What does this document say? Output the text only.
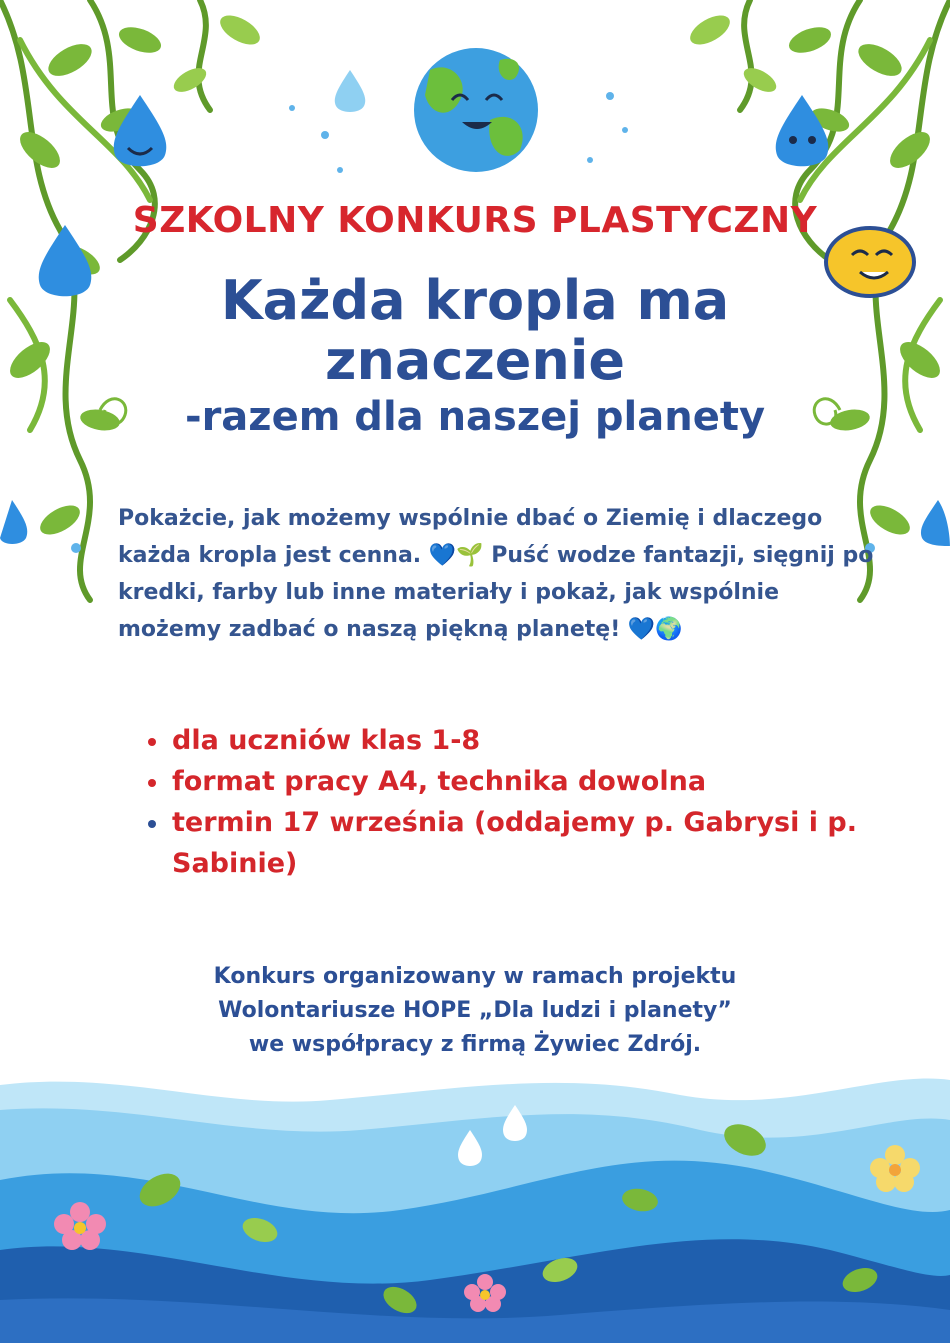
SZKOLNY KONKURS PLASTYCZNY
Każda kropla ma
znaczenie
-razem dla naszej planety

Pokażcie, jak możemy wspólnie dbać o Ziemię i dlaczego każda kropla jest cenna. 💙🌱 Puść wodze fantazji, sięgnij po kredki, farby lub inne materiały i pokaż, jak wspólnie możemy zadbać o naszą piękną planetę! 💙🌍

dla uczniów klas 1-8
format pracy A4, technika dowolna
termin 17 września (oddajemy p. Gabrysi i p. Sabinie)
Konkurs organizowany w ramach projektu
Wolontariusze HOPE „Dla ludzi i planety”
we współpracy z firmą Żywiec Zdrój.
